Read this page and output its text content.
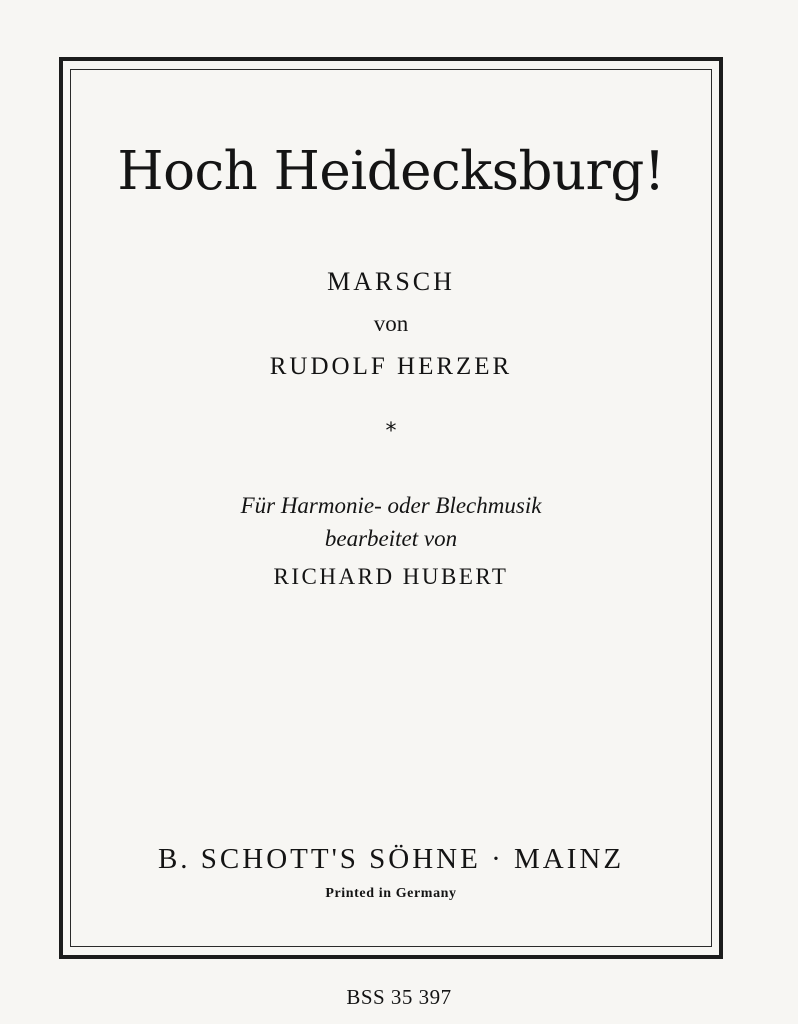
Hoch Heidecksburg!
MARSCH
von
RUDOLF HERZER
*
Für Harmonie- oder Blechmusik
bearbeitet von
RICHARD HUBERT
B. SCHOTT'S SÖHNE · MAINZ
Printed in Germany
BSS 35 397
